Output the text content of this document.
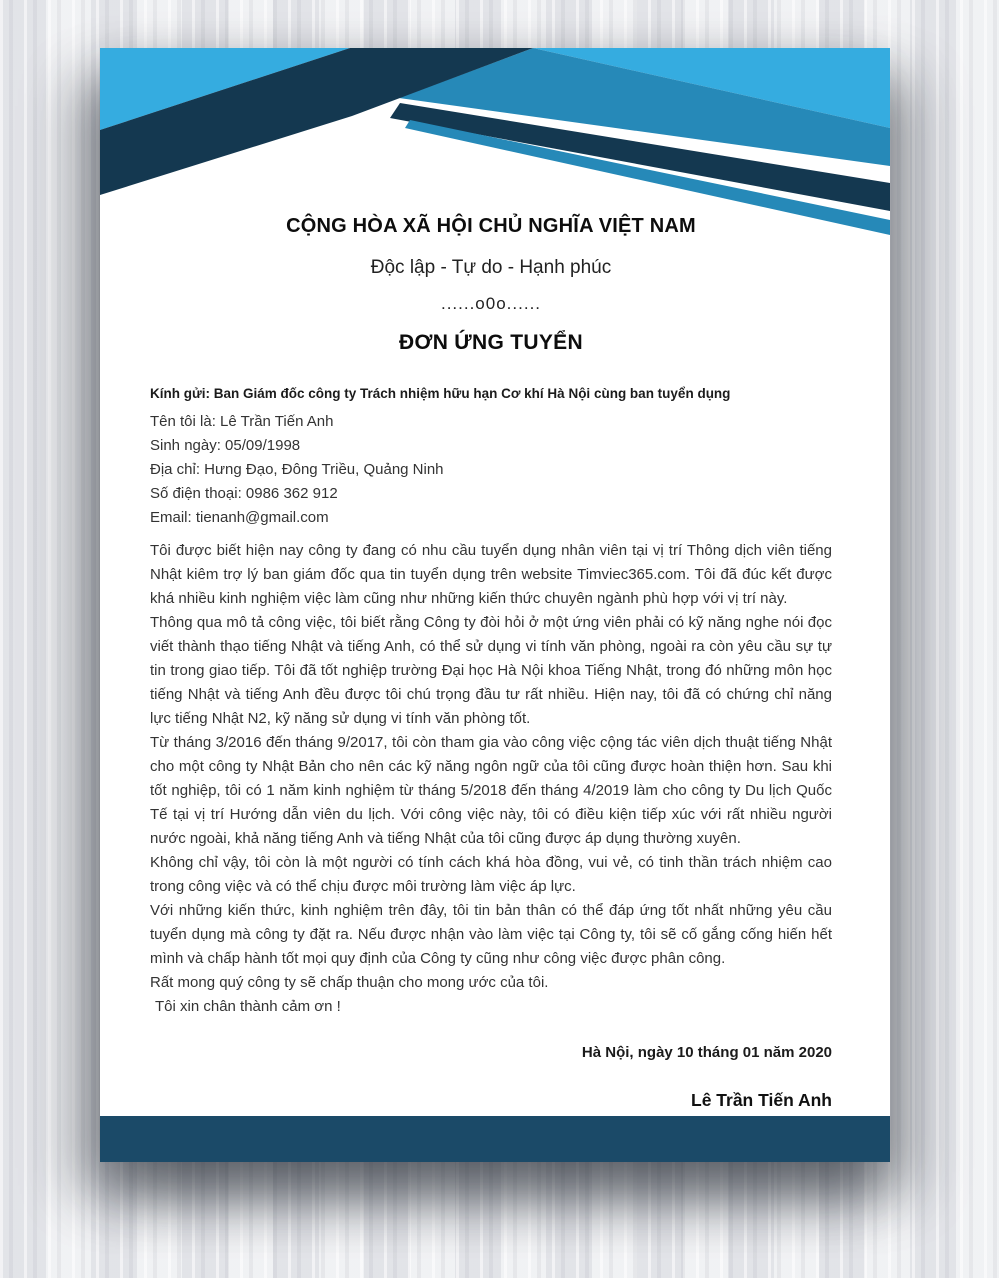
CỘNG HÒA XÃ HỘI CHỦ NGHĨA VIỆT NAM
Độc lập - Tự do - Hạnh phúc
......o0o......
ĐƠN ỨNG TUYỂN
Kính gửi: Ban Giám đốc công ty Trách nhiệm hữu hạn Cơ khí Hà Nội cùng ban tuyển dụng
Tên tôi là: Lê Trần Tiến Anh
Sinh ngày: 05/09/1998
Địa chỉ: Hưng Đạo, Đông Triều, Quảng Ninh
Số điện thoại: 0986 362 912
Email: tienanh@gmail.com

Tôi được biết hiện nay công ty đang có nhu cầu tuyển dụng nhân viên tại vị trí Thông dịch viên tiếng Nhật kiêm trợ lý ban giám đốc qua tin tuyển dụng trên website Timviec365.com. Tôi đã đúc kết được khá nhiều kinh nghiệm việc làm cũng như những kiến thức chuyên ngành phù hợp với vị trí này.

Thông qua mô tả công việc, tôi biết rằng Công ty đòi hỏi ở một ứng viên phải có kỹ năng nghe nói đọc viết thành thạo tiếng Nhật và tiếng Anh, có thể sử dụng vi tính văn phòng, ngoài ra còn yêu cầu sự tự tin trong giao tiếp. Tôi đã tốt nghiệp trường Đại học Hà Nội khoa Tiếng Nhật, trong đó những môn học tiếng Nhật và tiếng Anh đều được tôi chú trọng đầu tư rất nhiều. Hiện nay, tôi đã có chứng chỉ năng lực tiếng Nhật N2, kỹ năng sử dụng vi tính văn phòng tốt.

Từ tháng 3/2016 đến tháng 9/2017, tôi còn tham gia vào công việc cộng tác viên dịch thuật tiếng Nhật cho một công ty Nhật Bản cho nên các kỹ năng ngôn ngữ của tôi cũng được hoàn thiện hơn. Sau khi tốt nghiệp, tôi có 1 năm kinh nghiệm từ tháng 5/2018 đến tháng 4/2019 làm cho công ty Du lịch Quốc Tế tại vị trí Hướng dẫn viên du lịch. Với công việc này, tôi có điều kiện tiếp xúc với rất nhiều người nước ngoài, khả năng tiếng Anh và tiếng Nhật của tôi cũng được áp dụng thường xuyên.

Không chỉ vậy, tôi còn là một người có tính cách khá hòa đồng, vui vẻ, có tinh thần trách nhiệm cao trong công việc và có thể chịu được môi trường làm việc áp lực.

Với những kiến thức, kinh nghiệm trên đây, tôi tin bản thân có thể đáp ứng tốt nhất những yêu cầu tuyển dụng mà công ty đặt ra. Nếu được nhận vào làm việc tại Công ty, tôi sẽ cố gắng cống hiến hết mình và chấp hành tốt mọi quy định của Công ty cũng như công việc được phân công.

Rất mong quý công ty sẽ chấp thuận cho mong ước của tôi.

Tôi xin chân thành cảm ơn !

Hà Nội, ngày 10 tháng 01 năm 2020
Lê Trần Tiến Anh
